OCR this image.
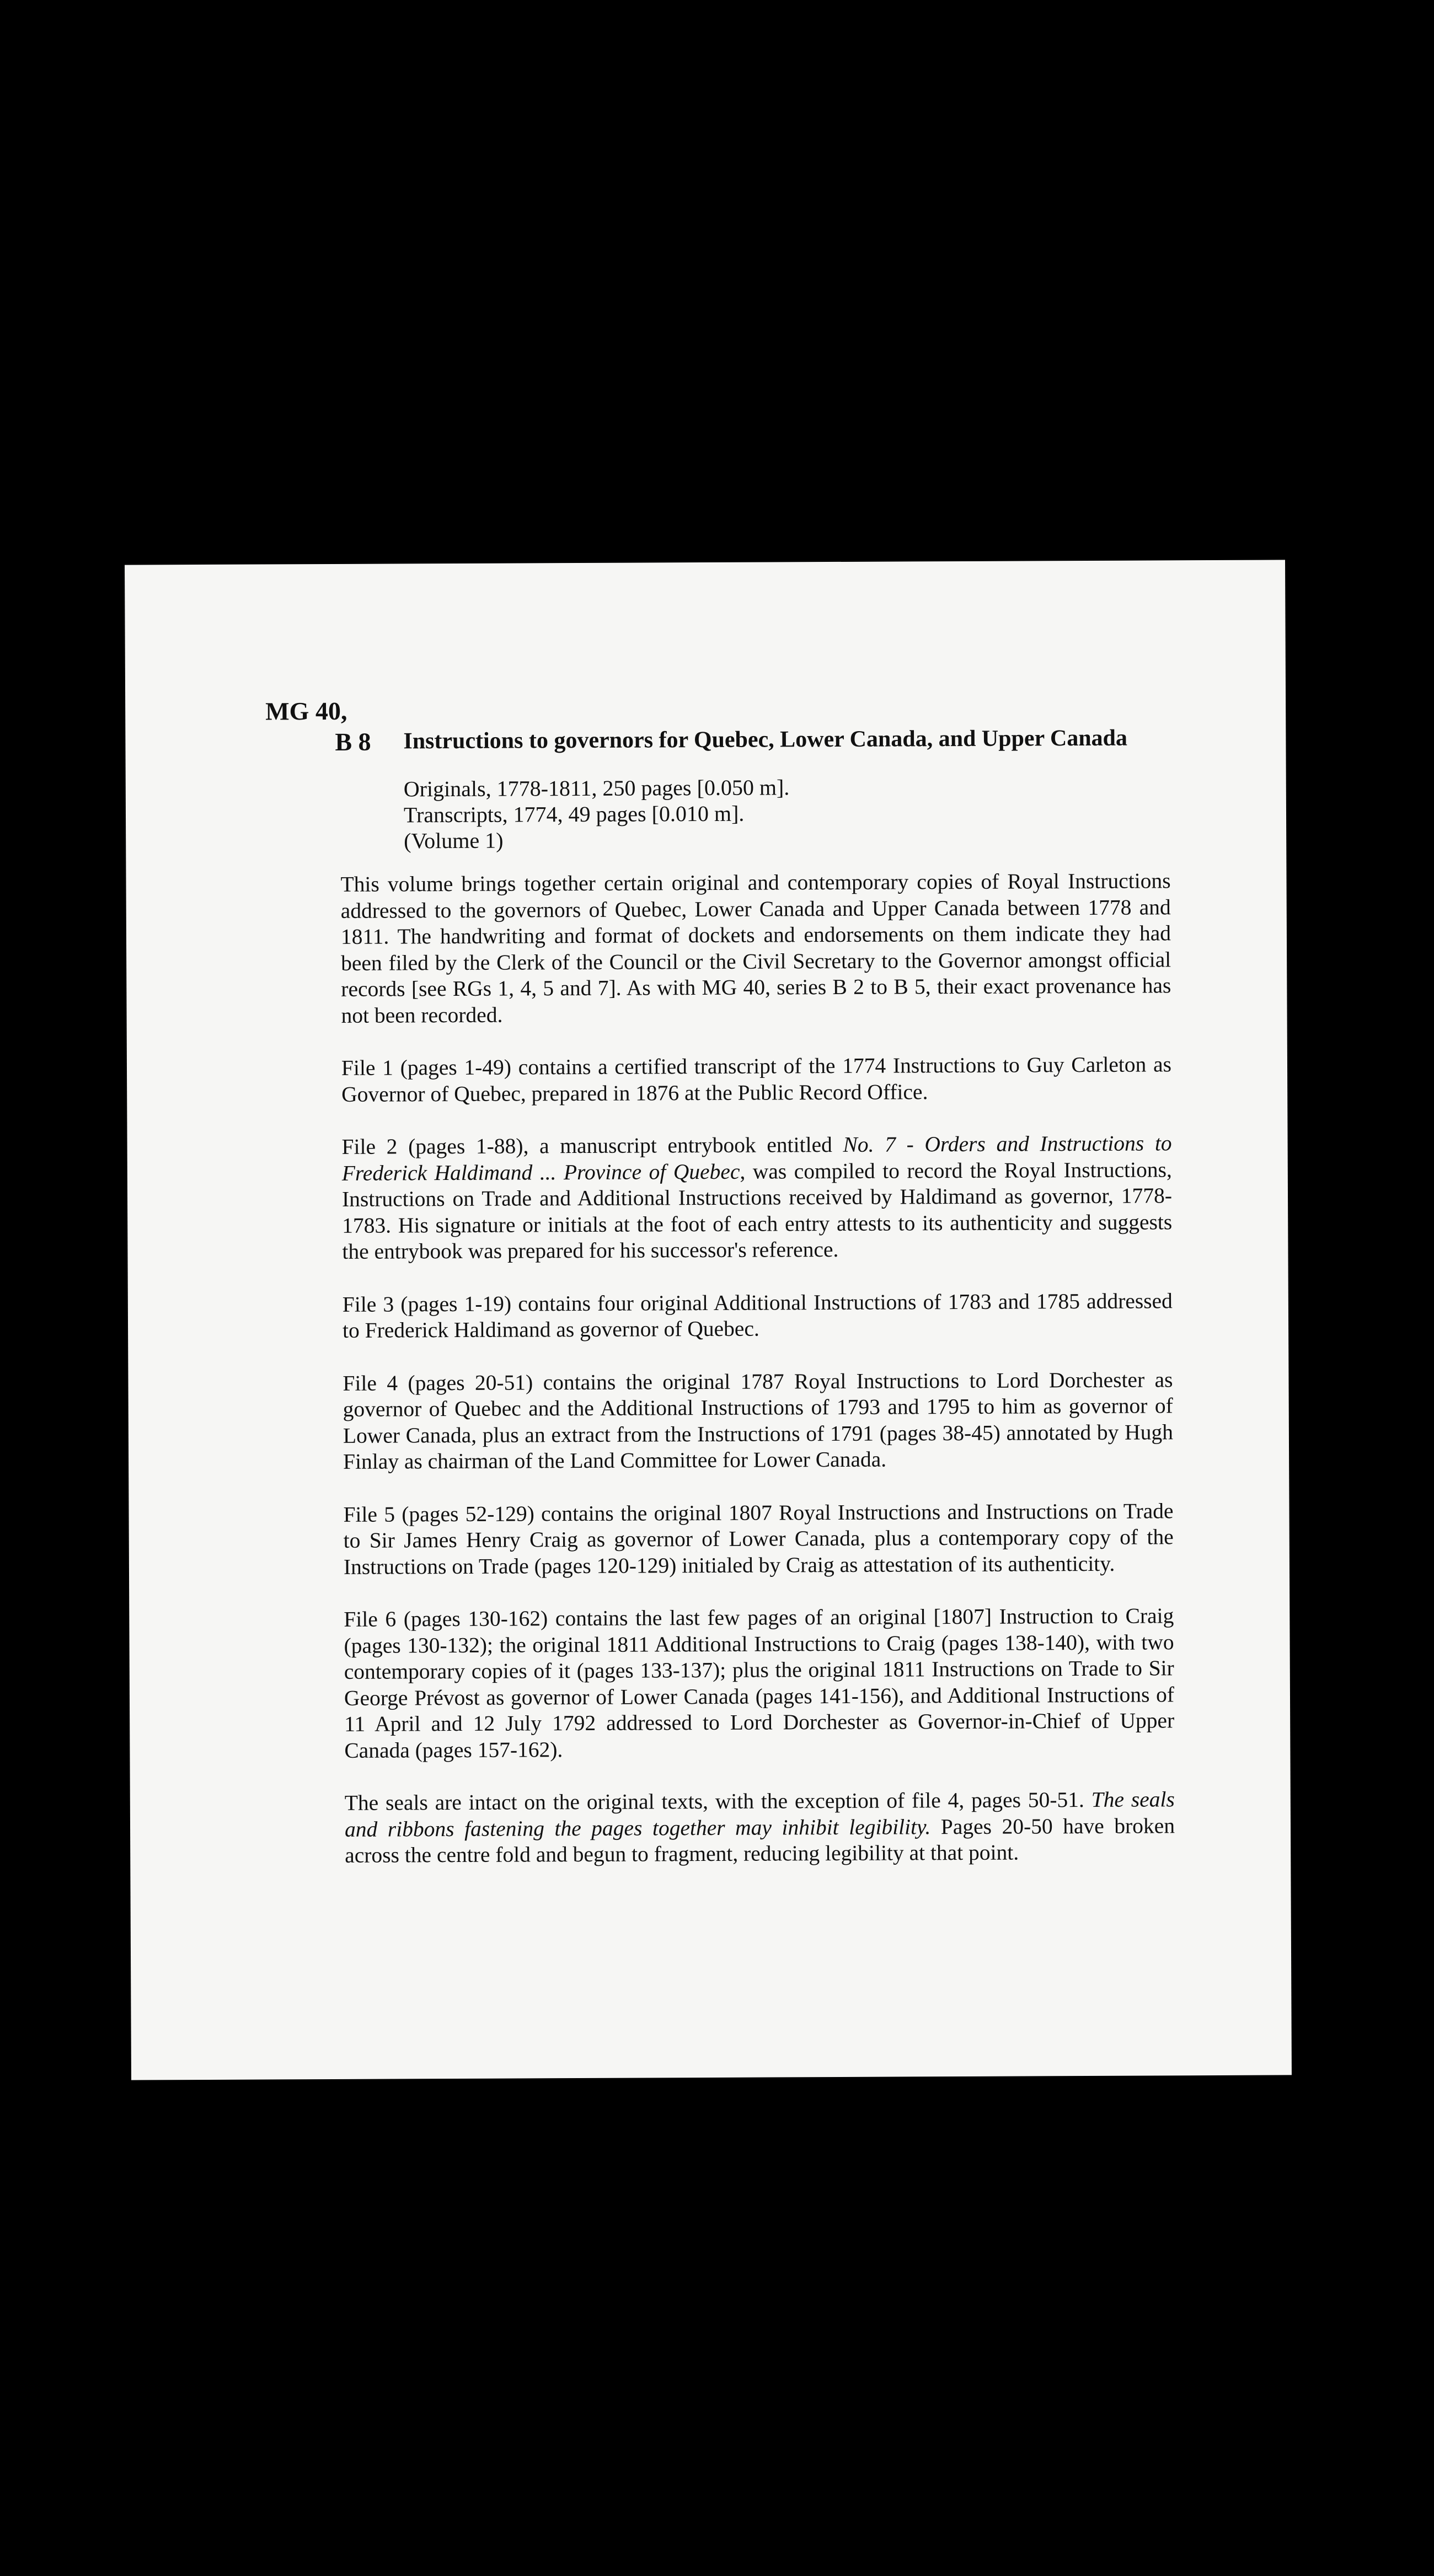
MG 40,
B 8 Instructions to governors for Quebec, Lower Canada, and Upper Canada
Originals, 1778-1811, 250 pages [0.050 m].
Transcripts, 1774, 49 pages [0.010 m].
(Volume 1)

This volume brings together certain original and contemporary copies of Royal Instructions addressed to the governors of Quebec, Lower Canada and Upper Canada between 1778 and 1811. The handwriting and format of dockets and endorsements on them indicate they had been filed by the Clerk of the Council or the Civil Secretary to the Governor amongst official records [see RGs 1, 4, 5 and 7]. As with MG 40, series B 2 to B 5, their exact provenance has not been recorded.

File 1 (pages 1-49) contains a certified transcript of the 1774 Instructions to Guy Carleton as Governor of Quebec, prepared in 1876 at the Public Record Office.

File 2 (pages 1-88), a manuscript entrybook entitled No. 7 - Orders and Instructions to Frederick Haldimand ... Province of Quebec, was compiled to record the Royal Instructions, Instructions on Trade and Additional Instructions received by Haldimand as governor, 1778-1783. His signature or initials at the foot of each entry attests to its authenticity and suggests the entrybook was prepared for his successor's reference.

File 3 (pages 1-19) contains four original Additional Instructions of 1783 and 1785 addressed to Frederick Haldimand as governor of Quebec.

File 4 (pages 20-51) contains the original 1787 Royal Instructions to Lord Dorchester as governor of Quebec and the Additional Instructions of 1793 and 1795 to him as governor of Lower Canada, plus an extract from the Instructions of 1791 (pages 38-45) annotated by Hugh Finlay as chairman of the Land Committee for Lower Canada.

File 5 (pages 52-129) contains the original 1807 Royal Instructions and Instructions on Trade to Sir James Henry Craig as governor of Lower Canada, plus a contemporary copy of the Instructions on Trade (pages 120-129) initialed by Craig as attestation of its authenticity.

File 6 (pages 130-162) contains the last few pages of an original [1807] Instruction to Craig (pages 130-132); the original 1811 Additional Instructions to Craig (pages 138-140), with two contemporary copies of it (pages 133-137); plus the original 1811 Instructions on Trade to Sir George Prévost as governor of Lower Canada (pages 141-156), and Additional Instructions of 11 April and 12 July 1792 addressed to Lord Dorchester as Governor-in-Chief of Upper Canada (pages 157-162).

The seals are intact on the original texts, with the exception of file 4, pages 50-51. The seals and ribbons fastening the pages together may inhibit legibility. Pages 20-50 have broken across the centre fold and begun to fragment, reducing legibility at that point.
